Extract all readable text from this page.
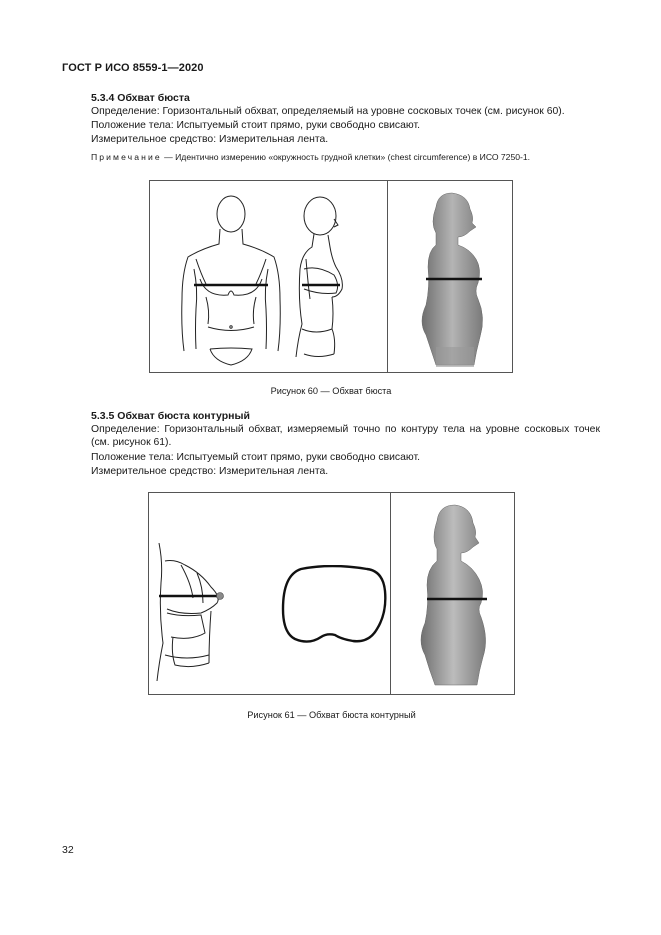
ГОСТ Р ИСО 8559-1—2020
5.3.4 Обхват бюста
Определение: Горизонтальный обхват, определяемый на уровне сосковых точек (см. рисунок 60).
Положение тела: Испытуемый стоит прямо, руки свободно свисают.
Измерительное средство: Измерительная лента.
Примечание — Идентично измерению «окружность грудной клетки» (chest circumference) в ИСО 7250-1.
Рисунок 60 — Обхват бюста
5.3.5 Обхват бюста контурный
Определение: Горизонтальный обхват, измеряемый точно по контуру тела на уровне сосковых точек (см. рисунок 61).
Положение тела: Испытуемый стоит прямо, руки свободно свисают.
Измерительное средство: Измерительная лента.
Рисунок 61 — Обхват бюста контурный
32
